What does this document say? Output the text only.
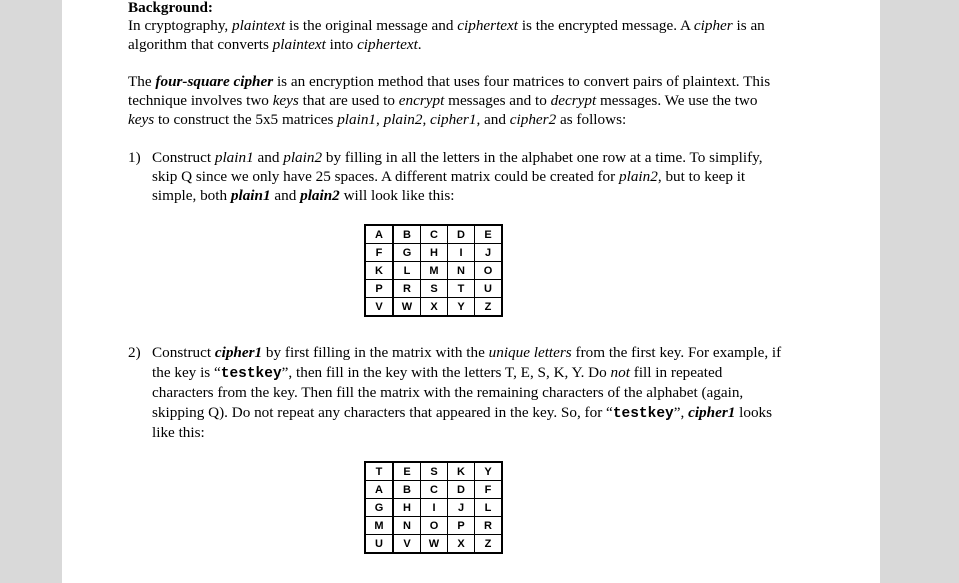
Background:
In cryptography, plaintext is the original message and ciphertext is the encrypted message. A cipher is an
algorithm that converts plaintext into ciphertext.
The four-square cipher is an encryption method that uses four matrices to convert pairs of plaintext. This
technique involves two keys that are used to encrypt messages and to decrypt messages. We use the two
keys to construct the 5x5 matrices plain1, plain2, cipher1, and cipher2 as follows:
1) Construct plain1 and plain2 by filling in all the letters in the alphabet one row at a time. To simplify,
skip Q since we only have 25 spaces. A different matrix could be created for plain2, but to keep it
simple, both plain1 and plain2 will look like this:
A	B	C	D	E
F	G	H	I	J
K	L	M	N	O
P	R	S	T	U
V	W	X	Y	Z
2) Construct cipher1 by first filling in the matrix with the unique letters from the first key. For example, if
the key is “testkey”, then fill in the key with the letters T, E, S, K, Y. Do not fill in repeated
characters from the key. Then fill the matrix with the remaining characters of the alphabet (again,
skipping Q). Do not repeat any characters that appeared in the key. So, for “testkey”, cipher1 looks
like this:
T	E	S	K	Y
A	B	C	D	F
G	H	I	J	L
M	N	O	P	R
U	V	W	X	Z
